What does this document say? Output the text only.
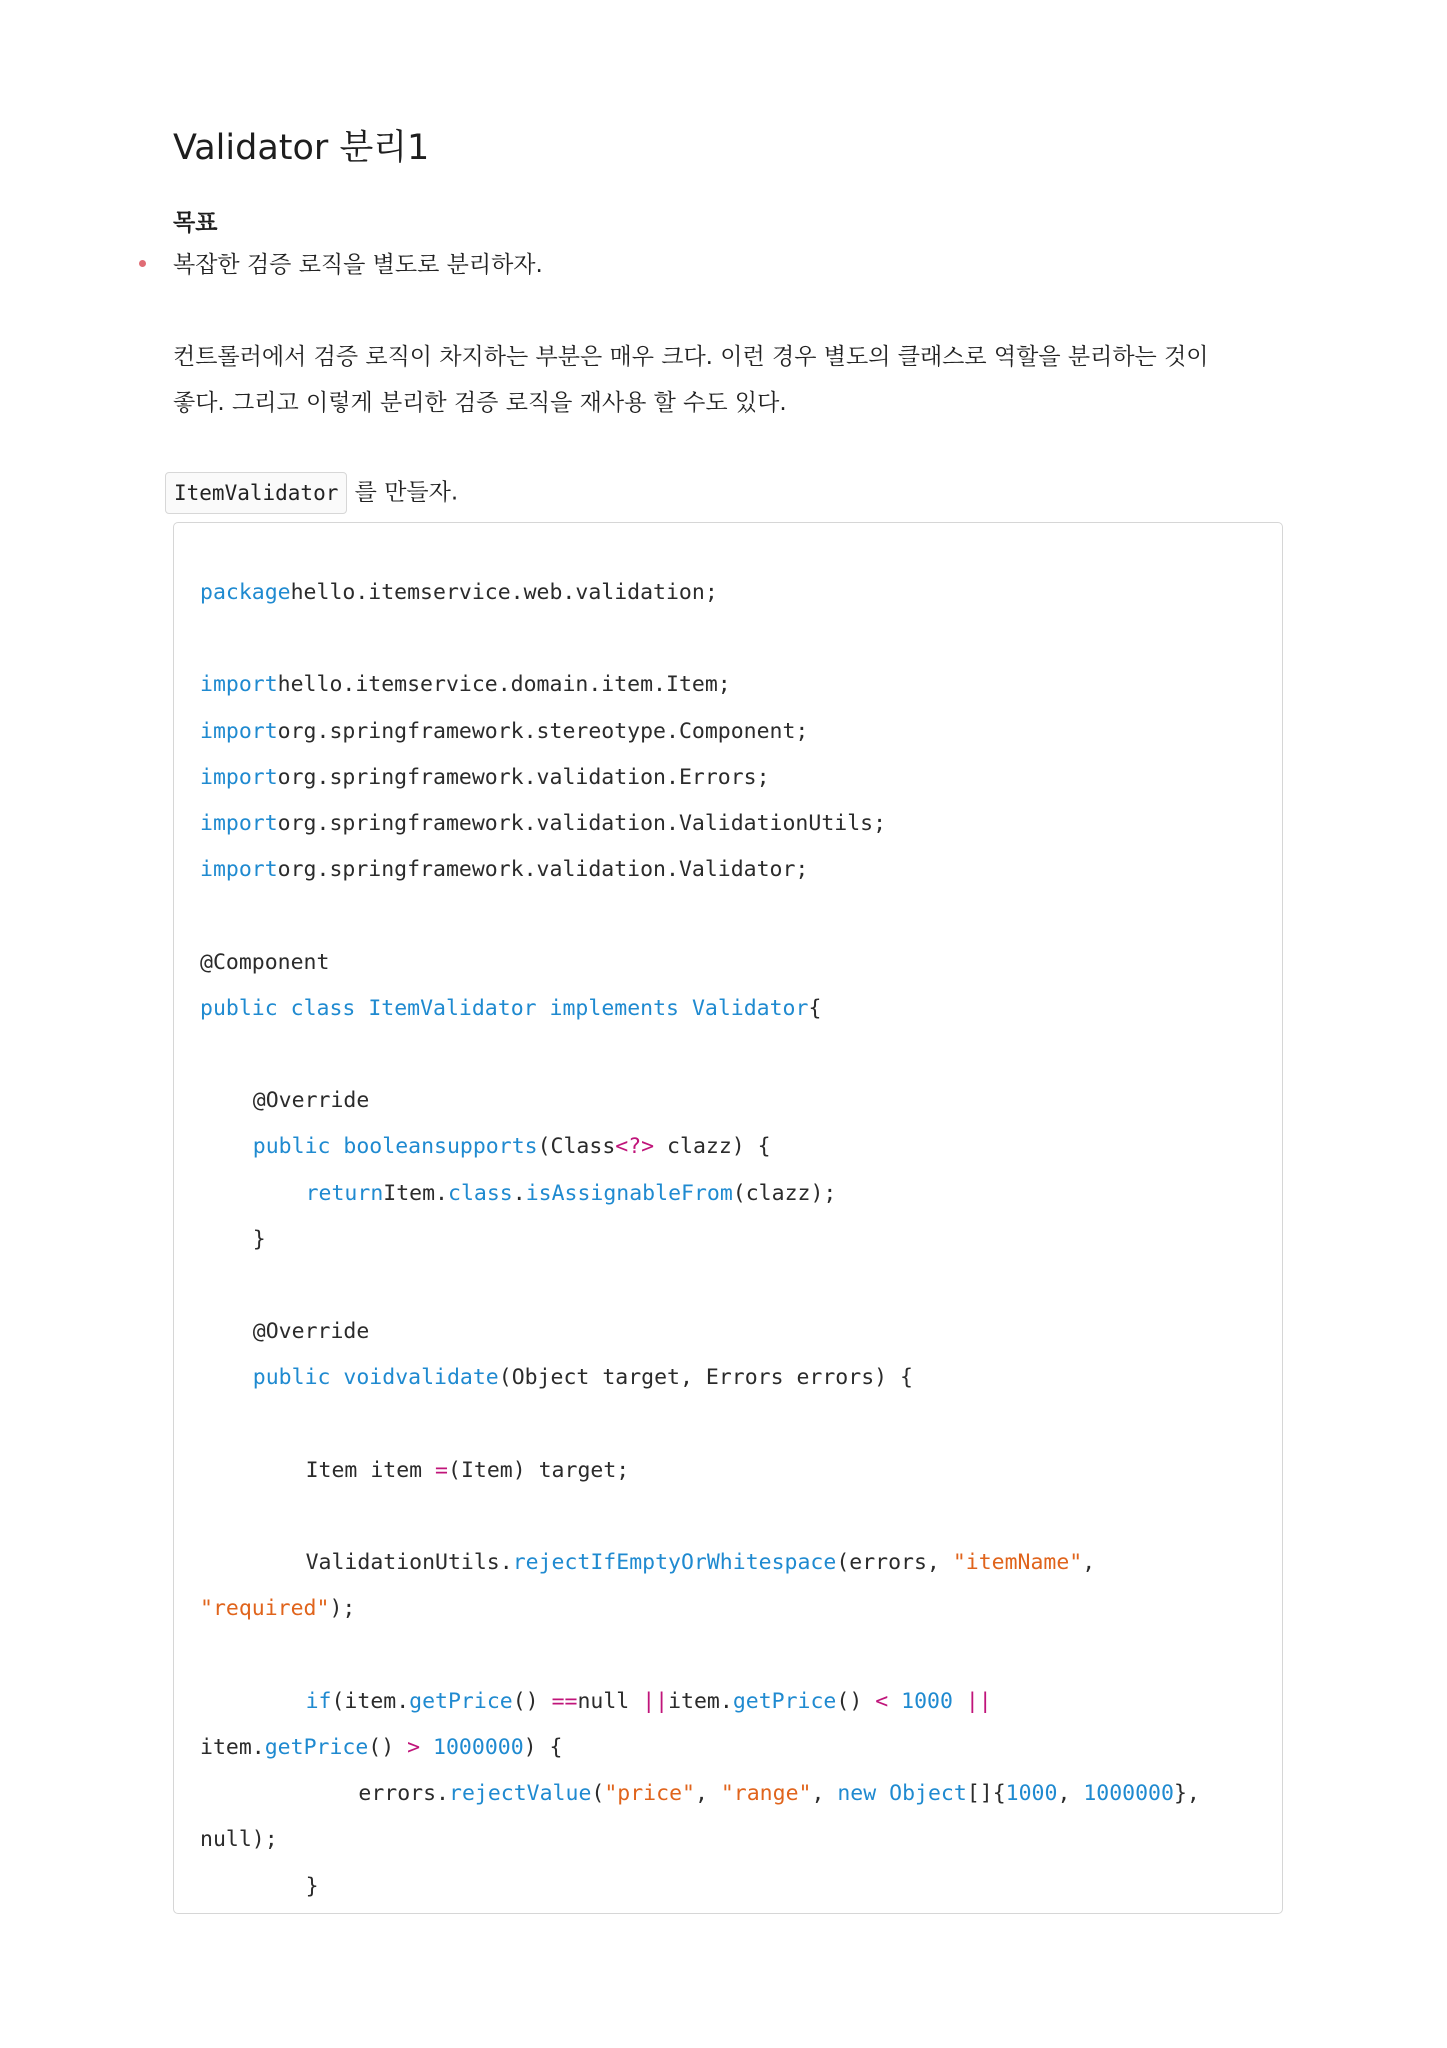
Validator 분리1
목표
복잡한 검증 로직을 별도로 분리하자.
컨트롤러에서 검증 로직이 차지하는 부분은 매우 크다. 이런 경우 별도의 클래스로 역할을 분리하는 것이
좋다. 그리고 이렇게 분리한 검증 로직을 재사용 할 수도 있다.
ItemValidator 를 만들자.
packagehello.itemservice.web.validation;
importhello.itemservice.domain.item.Item;
importorg.springframework.stereotype.Component;
importorg.springframework.validation.Errors;
importorg.springframework.validation.ValidationUtils;
importorg.springframework.validation.Validator;
@Component
public class ItemValidator implements Validator{
@Override
public booleansupports(Class<?> clazz) {
returnItem.class.isAssignableFrom(clazz);
}
@Override
public voidvalidate(Object target, Errors errors) {
Item item =(Item) target;
ValidationUtils.rejectIfEmptyOrWhitespace(errors, "itemName",
"required");
if(item.getPrice() ==null ||item.getPrice() < 1000 ||
item.getPrice() > 1000000) {
errors.rejectValue("price", "range", new Object[]{1000, 1000000},
null);
}
